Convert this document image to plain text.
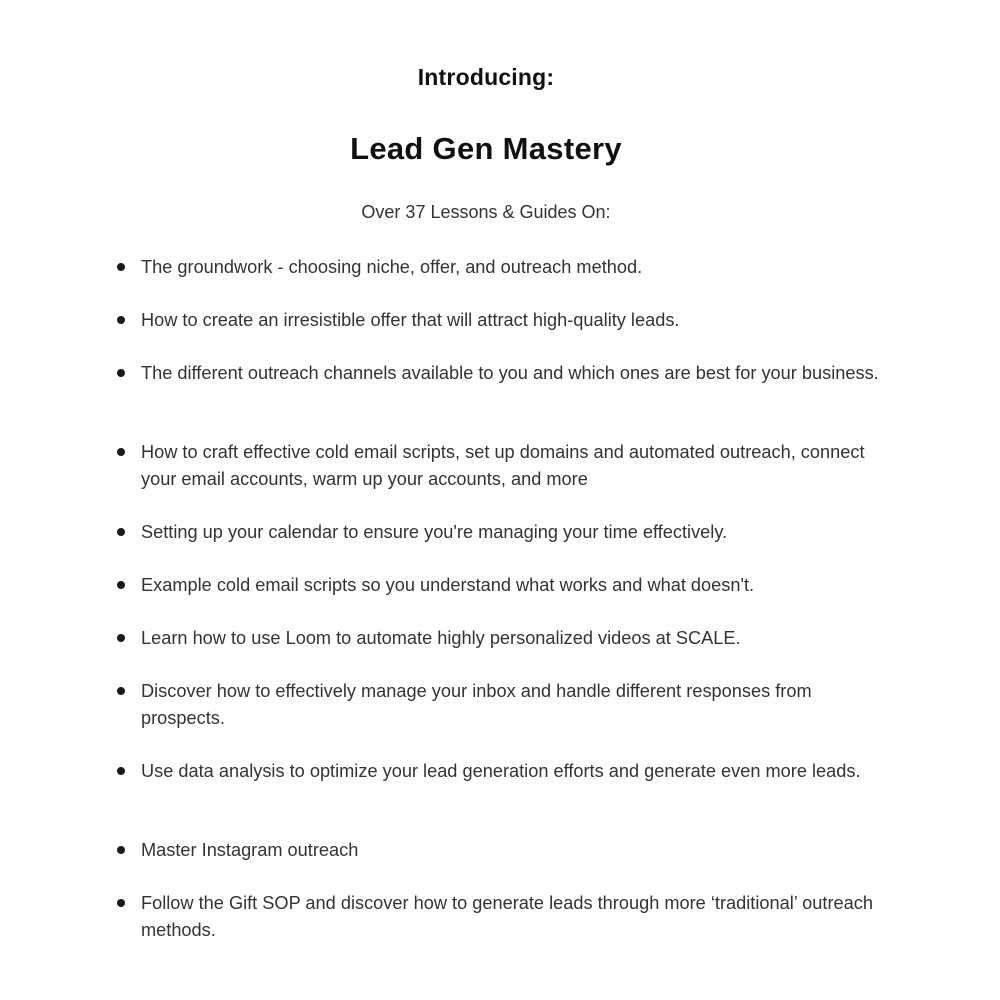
Introducing:
Lead Gen Mastery
Over 37 Lessons & Guides On:
The groundwork - choosing niche, offer, and outreach method.
How to create an irresistible offer that will attract high-quality leads.
The different outreach channels available to you and which ones are best for your business.
How to craft effective cold email scripts, set up domains and automated outreach, connect your email accounts, warm up your accounts, and more
Setting up your calendar to ensure you're managing your time effectively.
Example cold email scripts so you understand what works and what doesn't.
Learn how to use Loom to automate highly personalized videos at SCALE.
Discover how to effectively manage your inbox and handle different responses from prospects.
Use data analysis to optimize your lead generation efforts and generate even more leads.
Master Instagram outreach
Follow the Gift SOP and discover how to generate leads through more ‘traditional’ outreach methods.
